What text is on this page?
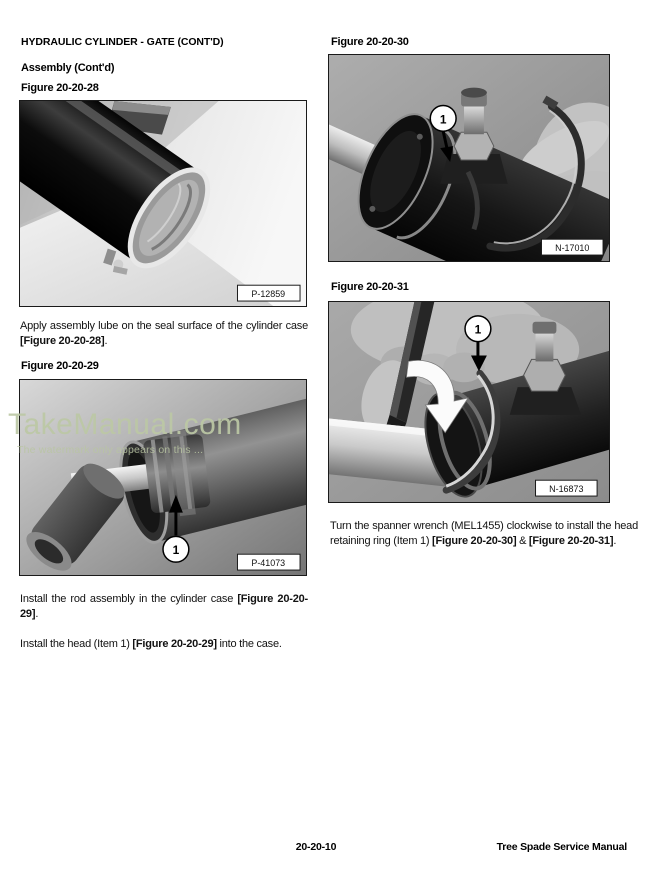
HYDRAULIC CYLINDER - GATE (CONT'D)
Assembly (Cont'd)
Figure 20-20-28
P-12859

Apply assembly lube on the seal surface of the cylinder case [Figure 20-20-28].

Figure 20-20-29
1
P-41073

Install the rod assembly in the cylinder case [Figure 20-20-29].

Install the head (Item 1) [Figure 20-20-29] into the case.

Figure 20-20-30
1
N-17010
Figure 20-20-31
1
N-16873

Turn the spanner wrench (MEL1455) clockwise to install the head retaining ring (Item 1) [Figure 20-20-30] & [Figure 20-20-31].

TakeManual.com
The watermark only appears on this ...
20-20-10	Tree Spade Service Manual
